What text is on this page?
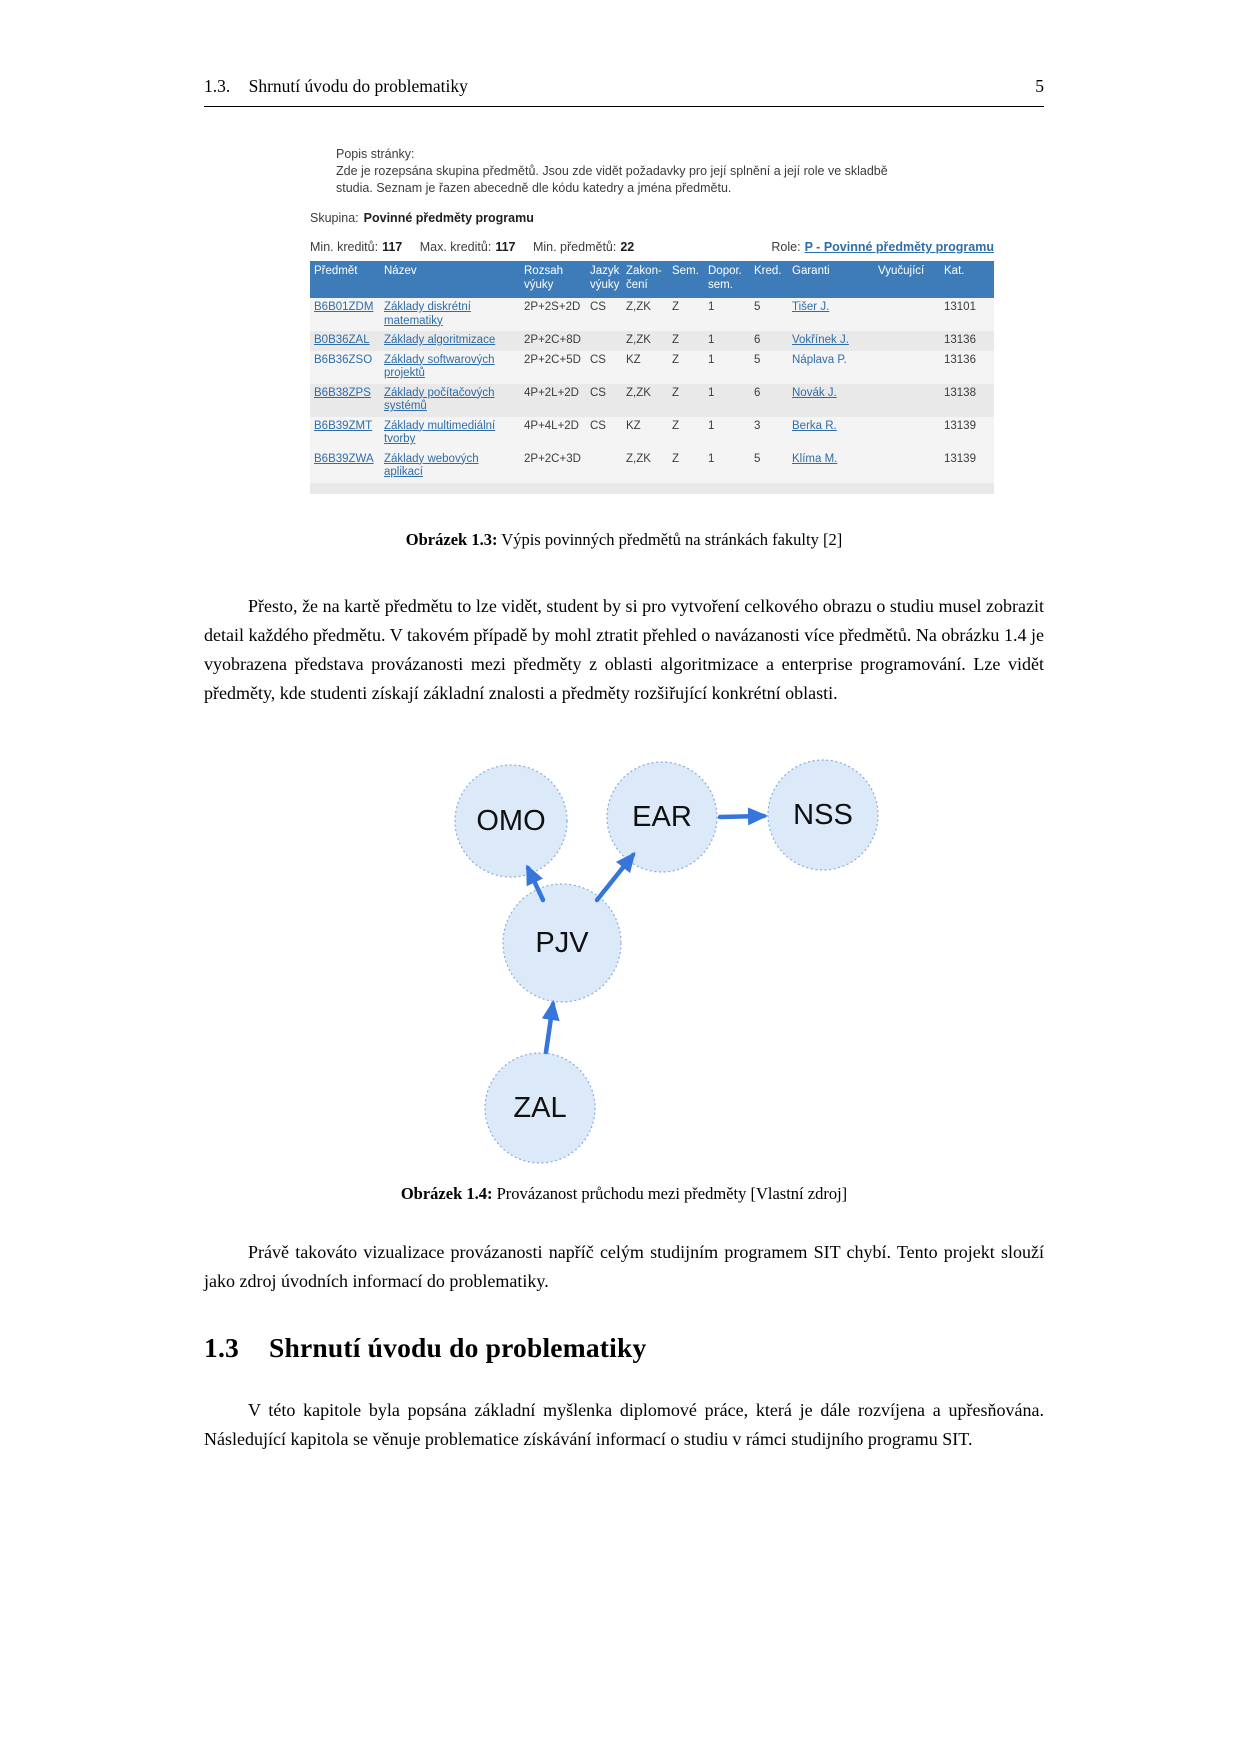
1.3. Shrnutí úvodu do problematiky	5
Popis stránky:
Zde je rozepsána skupina předmětů. Jsou zde vidět požadavky pro její splnění a její role ve skladbě
studia. Seznam je řazen abecedně dle kódu katedry a jména předmětu.
Skupina: Povinné předměty programu
Min. kreditů: 117 Max. kreditů: 117 Min. předmětů: 22	Role: P - Povinné předměty programu
Předmět	Název	Rozsah výuky	Jazyk výuky	Zakon- čení	Sem.	Dopor. sem.	Kred.	Garanti	Vyučující	Kat.
B6B01ZDM	Základy diskrétní matematiky	2P+2S+2D	CS	Z,ZK	Z	1	5	Tišer J.		13101
B0B36ZAL	Základy algoritmizace	2P+2C+8D		Z,ZK	Z	1	6	Vokřínek J.		13136
B6B36ZSO	Základy softwarových projektů	2P+2C+5D	CS	KZ	Z	1	5	Náplava P.		13136
B6B38ZPS	Základy počítačových systémů	4P+2L+2D	CS	Z,ZK	Z	1	6	Novák J.		13138
B6B39ZMT	Základy multimediální tvorby	4P+4L+2D	CS	KZ	Z	1	3	Berka R.		13139
B6B39ZWA	Základy webových aplikací	2P+2C+3D		Z,ZK	Z	1	5	Klíma M.		13139
Obrázek 1.3: Výpis povinných předmětů na stránkách fakulty [2]

Přesto, že na kartě předmětu to lze vidět, student by si pro vytvoření celkového obrazu o studiu musel zobrazit detail každého předmětu. V takovém případě by mohl ztratit přehled o navázanosti více předmětů. Na obrázku 1.4 je vyobrazena představa provázanosti mezi předměty z oblasti algoritmizace a enterprise programování. Lze vidět předměty, kde studenti získají základní znalosti a předměty rozšiřující konkrétní oblasti.

OMO	EAR	NSS
PJV
ZAL
Obrázek 1.4: Provázanost průchodu mezi předměty [Vlastní zdroj]

Právě takováto vizualizace provázanosti napříč celým studijním programem SIT chybí. Tento projekt slouží jako zdroj úvodních informací do problematiky.

1.3 Shrnutí úvodu do problematiky

V této kapitole byla popsána základní myšlenka diplomové práce, která je dále rozvíjena a upřesňována. Následující kapitola se věnuje problematice získávání informací o studiu v rámci studijního programu SIT.
